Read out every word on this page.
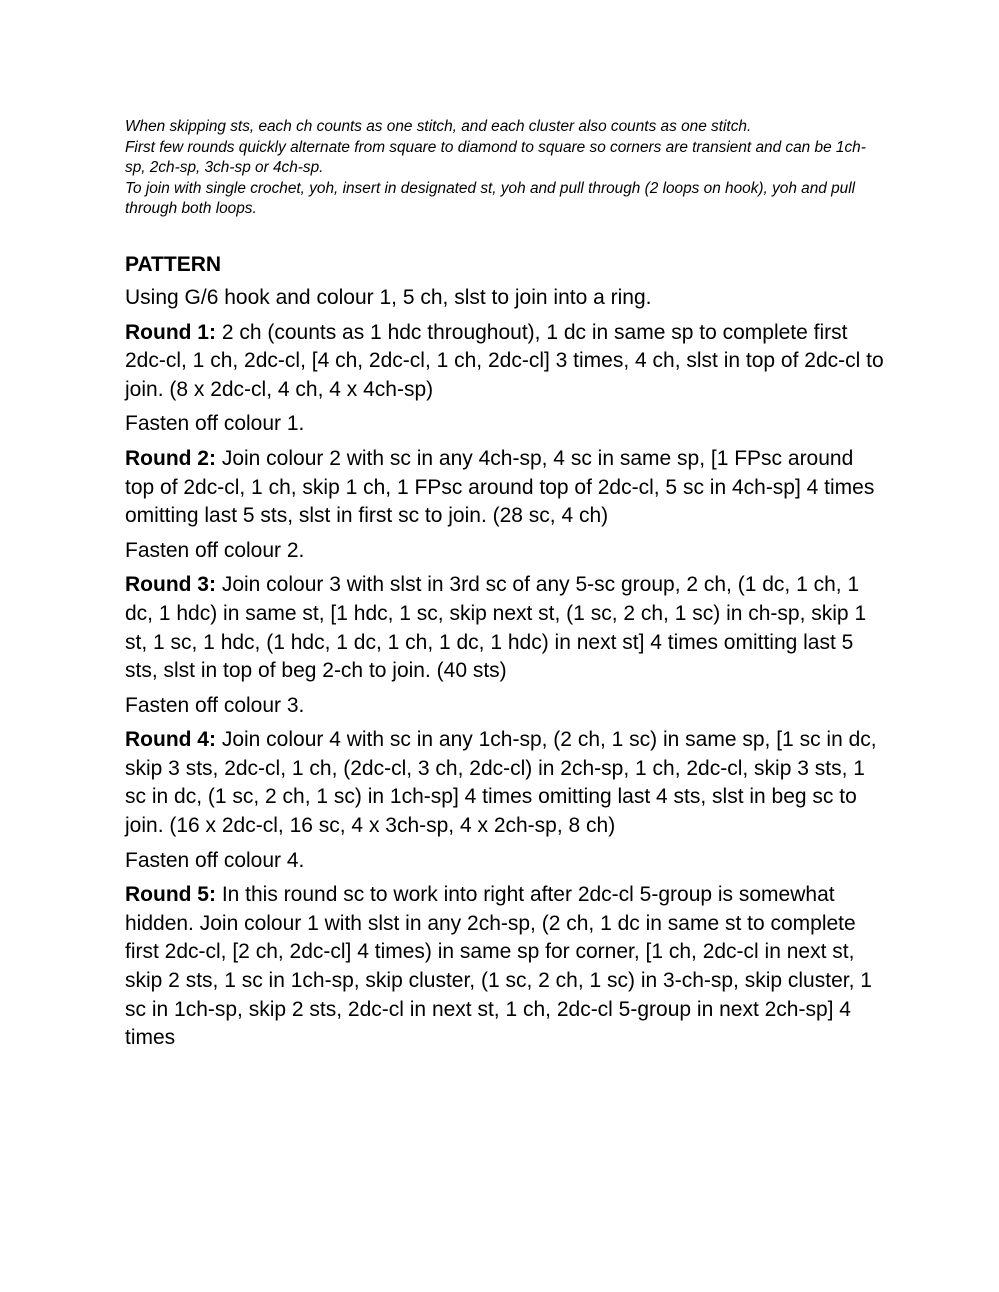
When skipping sts, each ch counts as one stitch, and each cluster also counts as one stitch.

First few rounds quickly alternate from square to diamond to square so corners are transient and can be 1ch-sp, 2ch-sp, 3ch-sp or 4ch-sp.

To join with single crochet, yoh, insert in designated st, yoh and pull through (2 loops on hook), yoh and pull through both loops.

PATTERN

Using G/6 hook and colour 1, 5 ch, slst to join into a ring.

Round 1: 2 ch (counts as 1 hdc throughout), 1 dc in same sp to complete first 2dc-cl, 1 ch, 2dc-cl, [4 ch, 2dc-cl, 1 ch, 2dc-cl] 3 times, 4 ch, slst in top of 2dc-cl to join. (8 x 2dc-cl, 4 ch, 4 x 4ch-sp)

Fasten off colour 1.

Round 2: Join colour 2 with sc in any 4ch-sp, 4 sc in same sp, [1 FPsc around top of 2dc-cl, 1 ch, skip 1 ch, 1 FPsc around top of 2dc-cl, 5 sc in 4ch-sp] 4 times omitting last 5 sts, slst in first sc to join. (28 sc, 4 ch)

Fasten off colour 2.

Round 3: Join colour 3 with slst in 3rd sc of any 5-sc group, 2 ch, (1 dc, 1 ch, 1 dc, 1 hdc) in same st, [1 hdc, 1 sc, skip next st, (1 sc, 2 ch, 1 sc) in ch-sp, skip 1 st, 1 sc, 1 hdc, (1 hdc, 1 dc, 1 ch, 1 dc, 1 hdc) in next st] 4 times omitting last 5 sts, slst in top of beg 2-ch to join. (40 sts)

Fasten off colour 3.

Round 4: Join colour 4 with sc in any 1ch-sp, (2 ch, 1 sc) in same sp, [1 sc in dc, skip 3 sts, 2dc-cl, 1 ch, (2dc-cl, 3 ch, 2dc-cl) in 2ch-sp, 1 ch, 2dc-cl, skip 3 sts, 1 sc in dc, (1 sc, 2 ch, 1 sc) in 1ch-sp] 4 times omitting last 4 sts, slst in beg sc to join. (16 x 2dc-cl, 16 sc, 4 x 3ch-sp, 4 x 2ch-sp, 8 ch)

Fasten off colour 4.

Round 5: In this round sc to work into right after 2dc-cl 5-group is somewhat hidden. Join colour 1 with slst in any 2ch-sp, (2 ch, 1 dc in same st to complete first 2dc-cl, [2 ch, 2dc-cl] 4 times) in same sp for corner, [1 ch, 2dc-cl in next st, skip 2 sts, 1 sc in 1ch-sp, skip cluster, (1 sc, 2 ch, 1 sc) in 3-ch-sp, skip cluster, 1 sc in 1ch-sp, skip 2 sts, 2dc-cl in next st, 1 ch, 2dc-cl 5-group in next 2ch-sp] 4 times
